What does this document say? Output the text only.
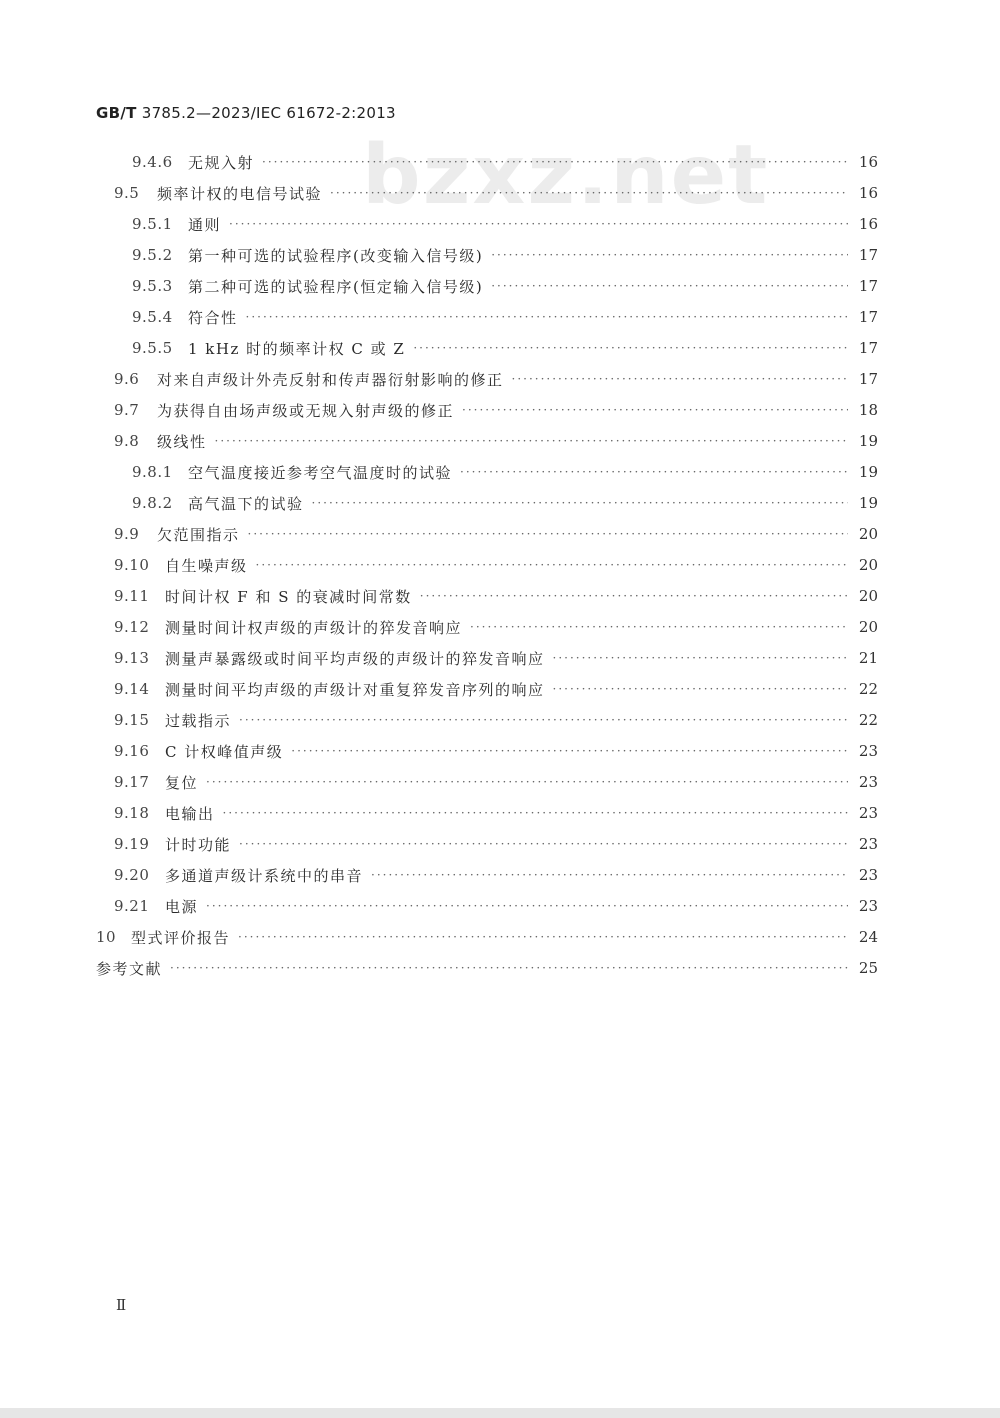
GB/T 3785.2—2023/IEC 61672-2:2013
bzxz.net
9.4.6	无规入射 ·····	16
9.5	频率计权的电信号试验 ·····	16
9.5.1	通则 ·····	16
9.5.2	第一种可选的试验程序(改变输入信号级) ·····	17
9.5.3	第二种可选的试验程序(恒定输入信号级) ·····	17
9.5.4	符合性 ·····	17
9.5.5	1 kHz 时的频率计权 C 或 Z ·····	17
9.6	对来自声级计外壳反射和传声器衍射影响的修正 ·····	17
9.7	为获得自由场声级或无规入射声级的修正 ·····	18
9.8	级线性 ·····	19
9.8.1	空气温度接近参考空气温度时的试验 ·····	19
9.8.2	高气温下的试验 ·····	19
9.9	欠范围指示 ·····	20
9.10	自生噪声级 ·····	20
9.11	时间计权 F 和 S 的衰减时间常数 ·····	20
9.12	测量时间计权声级的声级计的猝发音响应 ·····	20
9.13	测量声暴露级或时间平均声级的声级计的猝发音响应 ·····	21
9.14	测量时间平均声级的声级计对重复猝发音序列的响应 ·····	22
9.15	过载指示 ·····	22
9.16	C 计权峰值声级 ·····	23
9.17	复位 ·····	23
9.18	电输出 ·····	23
9.19	计时功能 ·····	23
9.20	多通道声级计系统中的串音 ·····	23
9.21	电源 ·····	23
10 型式评价报告 ·····	24
参考文献 ·····	25
Ⅱ
